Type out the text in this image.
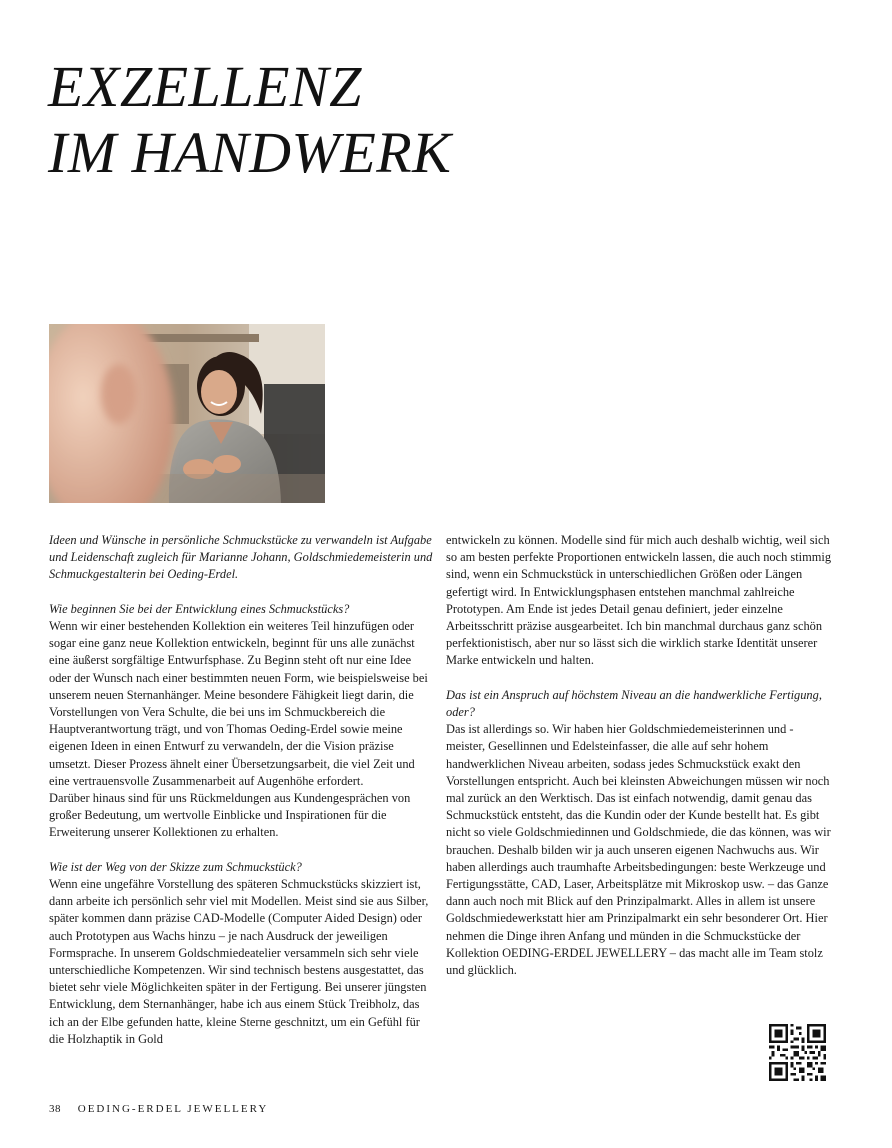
EXZELLENZ
IM HANDWERK

Ideen und Wünsche in persönliche Schmuckstücke zu verwandeln ist Aufgabe und Leidenschaft zugleich für Marianne Johann, Goldschmiedemeisterin und Schmuckgestalterin bei Oeding-Erdel.

Wie beginnen Sie bei der Entwicklung eines Schmuckstücks?

Wenn wir einer bestehenden Kollektion ein weiteres Teil hinzufügen oder sogar eine ganz neue Kollektion entwickeln, beginnt für uns alle zunächst eine äußerst sorgfältige Entwurfsphase. Zu Beginn steht oft nur eine Idee oder der Wunsch nach einer bestimmten neuen Form, wie beispielsweise bei unserem neuen Sternanhänger. Meine besondere Fähigkeit liegt darin, die Vorstellungen von Vera Schulte, die bei uns im Schmuckbereich die Hauptverantwortung trägt, und von Thomas Oeding-Erdel sowie meine eigenen Ideen in einen Entwurf zu verwandeln, der die Vision präzise umsetzt. Dieser Prozess ähnelt einer Übersetzungsarbeit, die viel Zeit und eine vertrauensvolle Zusammenarbeit auf Augenhöhe erfordert.

Darüber hinaus sind für uns Rückmeldungen aus Kundengesprächen von großer Bedeutung, um wertvolle Einblicke und Inspirationen für die Erweiterung unserer Kollektionen zu erhalten.

Wie ist der Weg von der Skizze zum Schmuckstück?

Wenn eine ungefähre Vorstellung des späteren Schmuckstücks skizziert ist, dann arbeite ich persönlich sehr viel mit Modellen. Meist sind sie aus Silber, später kommen dann präzise CAD-Modelle (Computer Aided Design) oder auch Prototypen aus Wachs hinzu – je nach Ausdruck der jeweiligen Formsprache. In unserem Goldschmiedeatelier versammeln sich sehr viele unterschiedliche Kompetenzen. Wir sind technisch bestens ausgestattet, das bietet sehr viele Möglichkeiten später in der Fertigung. Bei unserer jüngsten Entwicklung, dem Sternanhänger, habe ich aus einem Stück Treibholz, das ich an der Elbe gefunden hatte, kleine Sterne geschnitzt, um ein Gefühl für die Holzhaptik in Gold

entwickeln zu können. Modelle sind für mich auch deshalb wichtig, weil sich so am besten perfekte Proportionen entwickeln lassen, die auch noch stimmig sind, wenn ein Schmuckstück in unterschiedlichen Größen oder Längen gefertigt wird. In Entwicklungsphasen entstehen manchmal zahlreiche Prototypen. Am Ende ist jedes Detail genau definiert, jeder einzelne Arbeitsschritt präzise ausgearbeitet. Ich bin manchmal durchaus ganz schön perfektionistisch, aber nur so lässt sich die wirklich starke Identität unserer Marke entwickeln und halten.

Das ist ein Anspruch auf höchstem Niveau an die handwerkliche Fertigung, oder?

Das ist allerdings so. Wir haben hier Goldschmiedemeisterinnen und -meister, Gesellinnen und Edelsteinfasser, die alle auf sehr hohem handwerklichen Niveau arbeiten, sodass jedes Schmuckstück exakt den Vorstellungen entspricht. Auch bei kleinsten Abweichungen müssen wir noch mal zurück an den Werktisch. Das ist einfach notwendig, damit genau das Schmuckstück entsteht, das die Kundin oder der Kunde bestellt hat. Es gibt nicht so viele Goldschmiedinnen und Goldschmiede, die das können, was wir brauchen. Deshalb bilden wir ja auch unseren eigenen Nachwuchs aus. Wir haben allerdings auch traumhafte Arbeitsbedingungen: beste Werkzeuge und Fertigungsstätte, CAD, Laser, Arbeitsplätze mit Mikroskop usw. – das Ganze dann auch noch mit Blick auf den Prinzipalmarkt. Alles in allem ist unsere Goldschmiedewerkstatt hier am Prinzipalmarkt ein sehr besonderer Ort. Hier nehmen die Dinge ihren Anfang und münden in die Schmuckstücke der Kollektion OEDING-ERDEL JEWELLERY – das macht alle im Team stolz und glücklich.

38 OEDING-ERDEL JEWELLERY
